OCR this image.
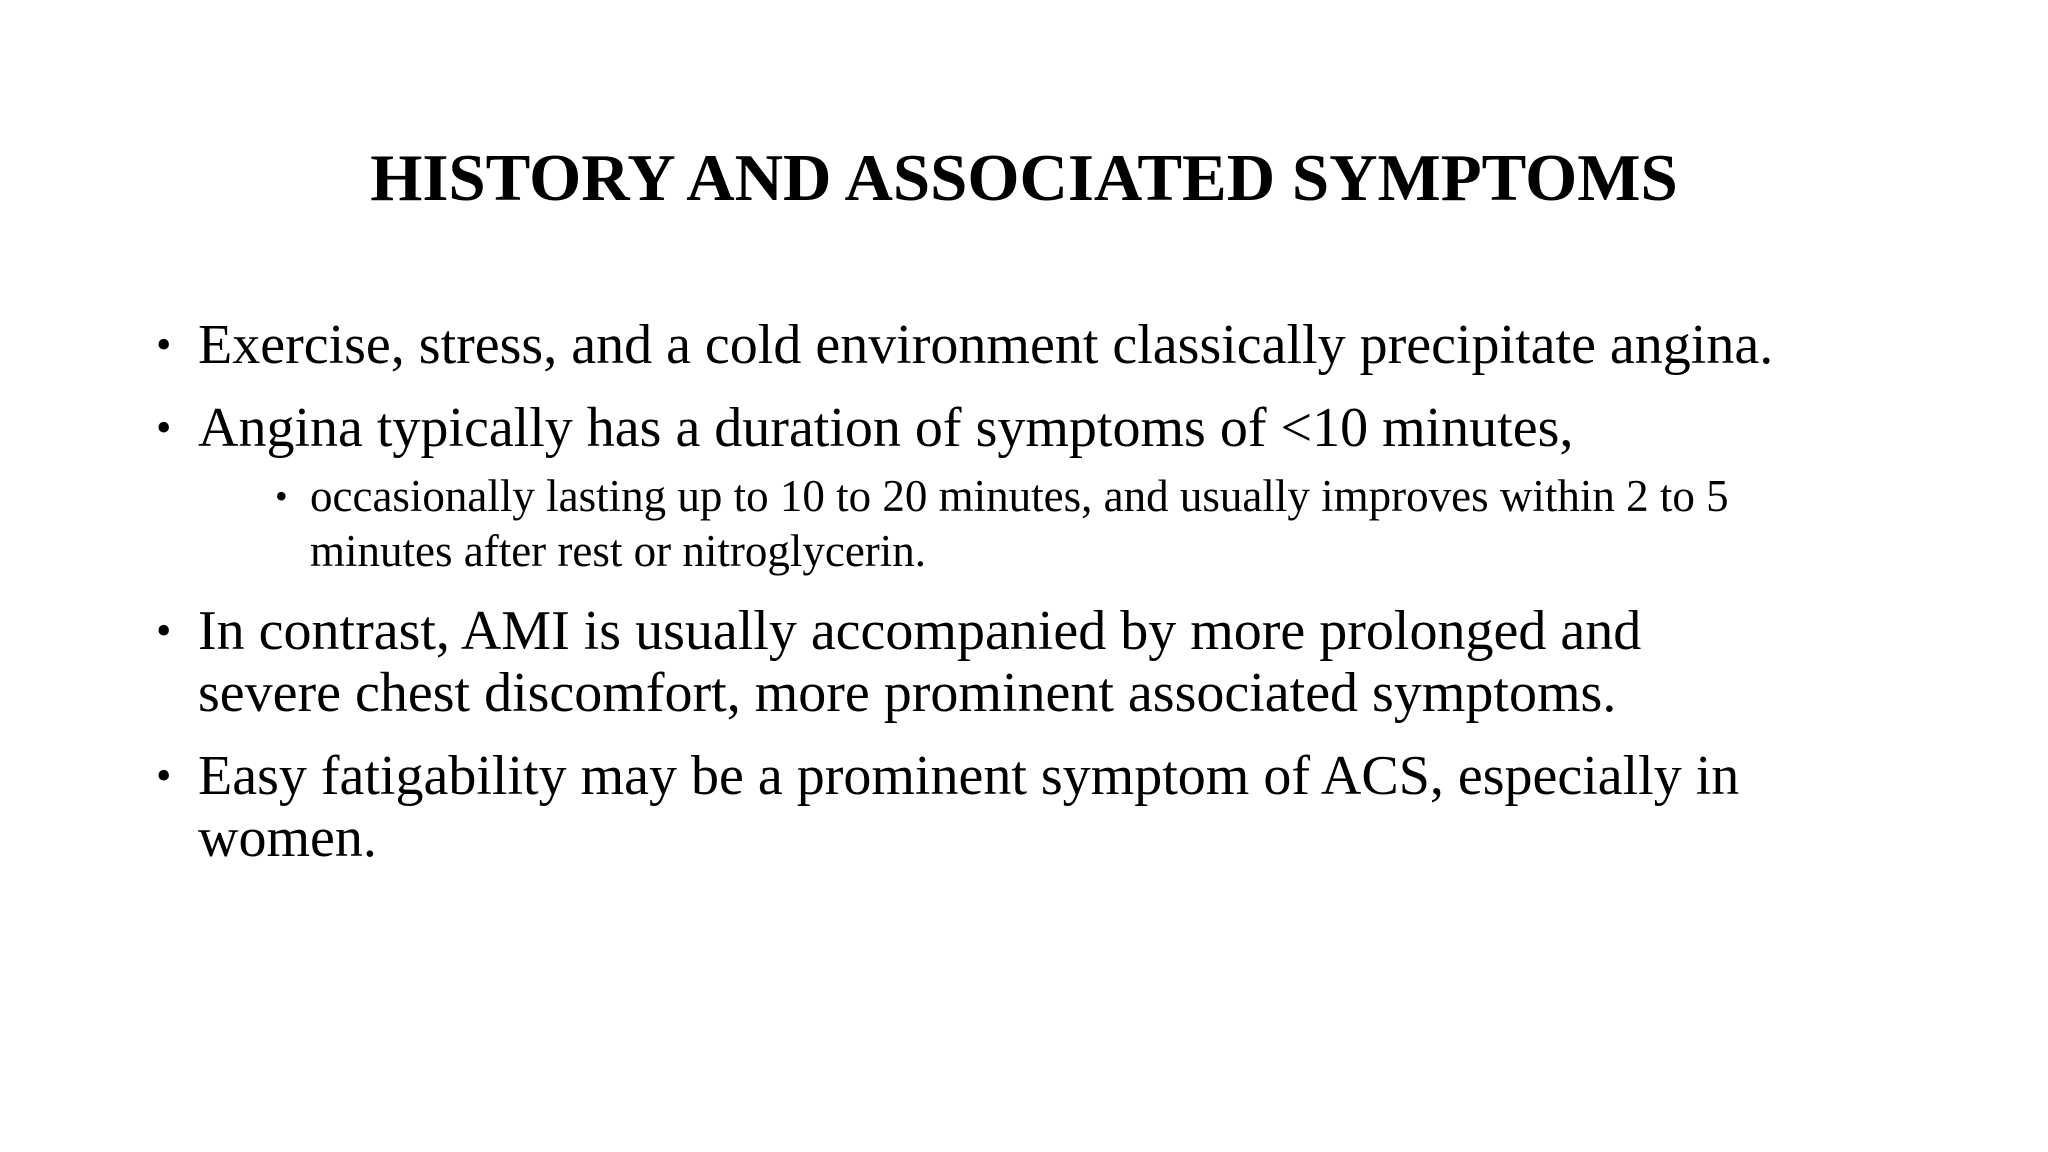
HISTORY AND ASSOCIATED SYMPTOMS
• Exercise, stress, and a cold environment classically precipitate angina.
• Angina typically has a duration of symptoms of <10 minutes,
• occasionally lasting up to 10 to 20 minutes, and usually improves within 2 to 5
minutes after rest or nitroglycerin.
• In contrast, AMI is usually accompanied by more prolonged and
severe chest discomfort, more prominent associated symptoms.
• Easy fatigability may be a prominent symptom of ACS, especially in
women.
